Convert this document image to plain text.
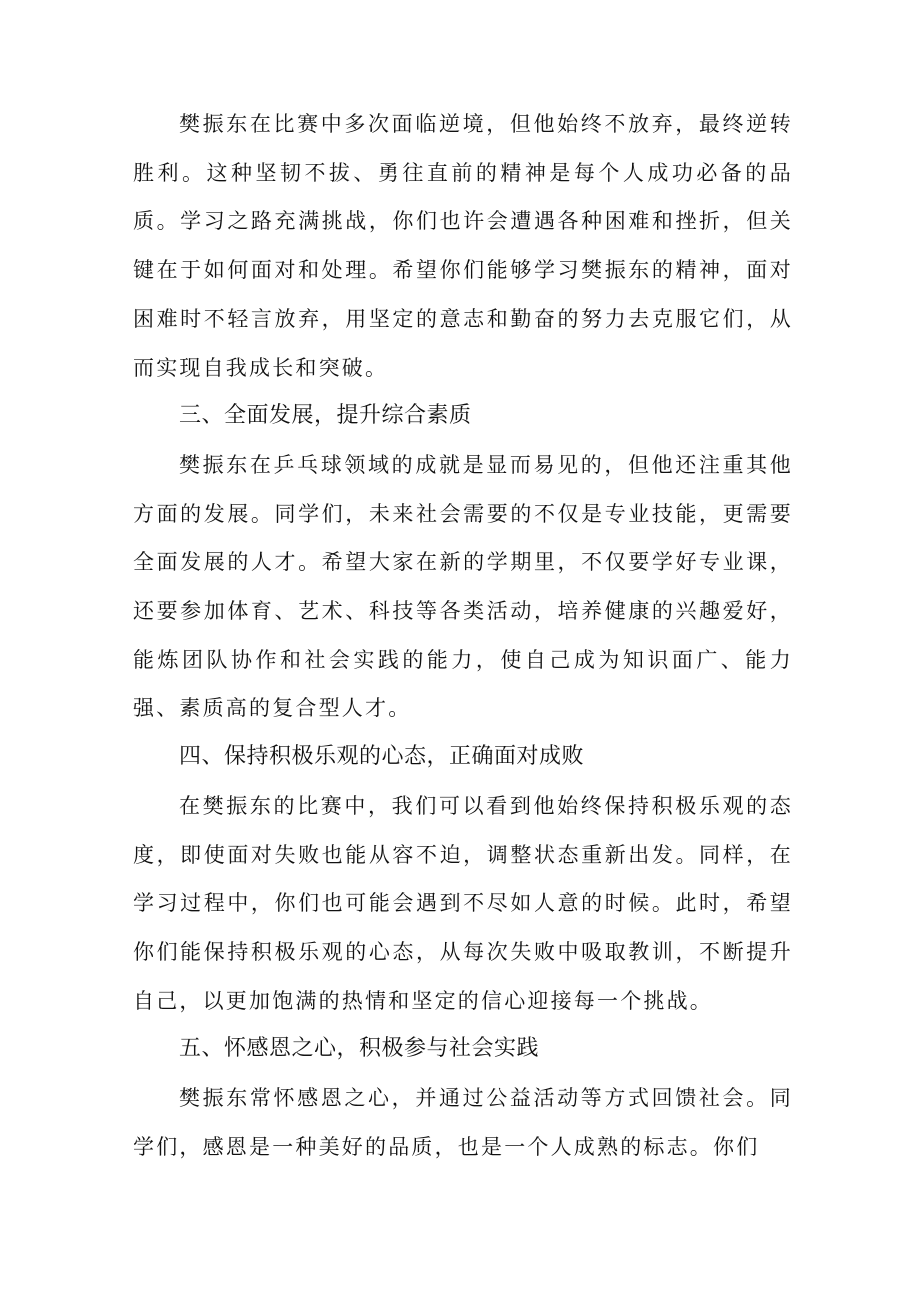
樊振东在比赛中多次面临逆境，但他始终不放弃，最终逆转胜利。这种坚韧不拔、勇往直前的精神是每个人成功必备的品质。学习之路充满挑战，你们也许会遭遇各种困难和挫折，但关键在于如何面对和处理。希望你们能够学习樊振东的精神，面对困难时不轻言放弃，用坚定的意志和勤奋的努力去克服它们，从而实现自我成长和突破。

三、全面发展，提升综合素质

樊振东在乒乓球领域的成就是显而易见的，但他还注重其他方面的发展。同学们，未来社会需要的不仅是专业技能，更需要全面发展的人才。希望大家在新的学期里，不仅要学好专业课，还要参加体育、艺术、科技等各类活动，培养健康的兴趣爱好，能炼团队协作和社会实践的能力，使自己成为知识面广、能力强、素质高的复合型人才。

四、保持积极乐观的心态，正确面对成败

在樊振东的比赛中，我们可以看到他始终保持积极乐观的态度，即使面对失败也能从容不迫，调整状态重新出发。同样，在学习过程中，你们也可能会遇到不尽如人意的时候。此时，希望你们能保持积极乐观的心态，从每次失败中吸取教训，不断提升自己，以更加饱满的热情和坚定的信心迎接每一个挑战。

五、怀感恩之心，积极参与社会实践

樊振东常怀感恩之心，并通过公益活动等方式回馈社会。同学们，感恩是一种美好的品质，也是一个人成熟的标志。你们
